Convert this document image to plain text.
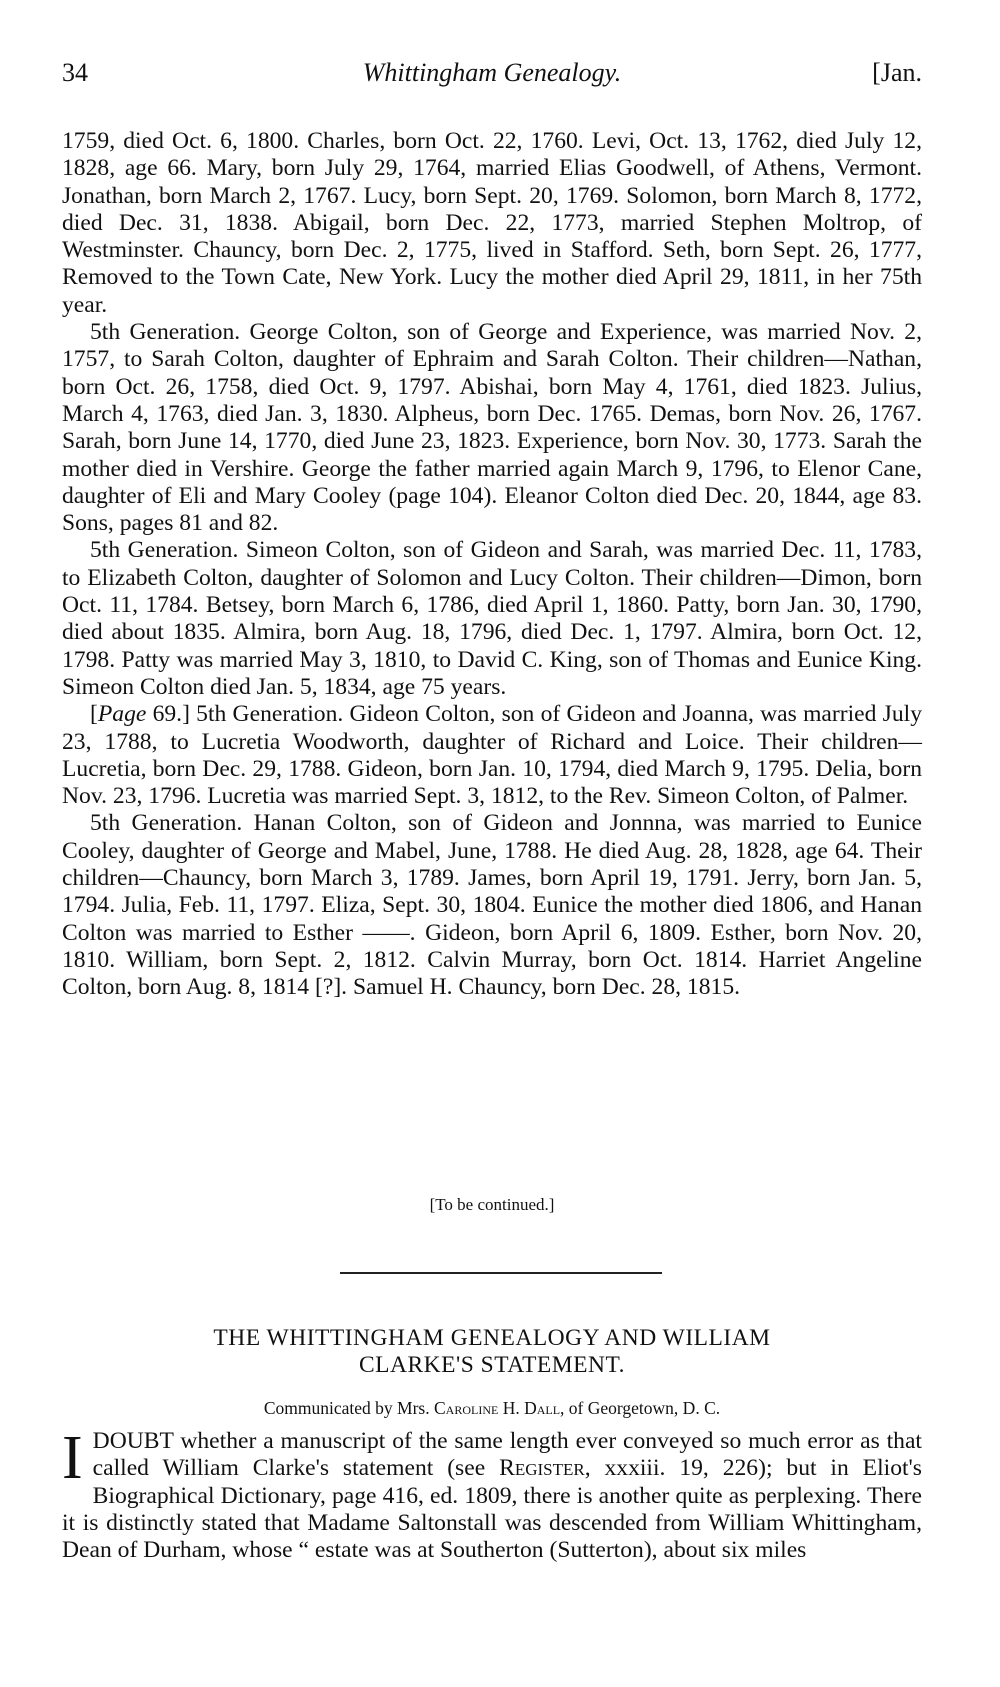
34	Whittingham Genealogy.	[Jan.

1759, died Oct. 6, 1800. Charles, born Oct. 22, 1760. Levi, Oct. 13, 1762, died July 12, 1828, age 66. Mary, born July 29, 1764, married Elias Goodwell, of Athens, Vermont. Jonathan, born March 2, 1767. Lucy, born Sept. 20, 1769. Solomon, born March 8, 1772, died Dec. 31, 1838. Abigail, born Dec. 22, 1773, married Stephen Moltrop, of Westminster. Chauncy, born Dec. 2, 1775, lived in Stafford. Seth, born Sept. 26, 1777, Removed to the Town Cate, New York. Lucy the mother died April 29, 1811, in her 75th year.

5th Generation. George Colton, son of George and Experience, was married Nov. 2, 1757, to Sarah Colton, daughter of Ephraim and Sarah Colton. Their children—Nathan, born Oct. 26, 1758, died Oct. 9, 1797. Abishai, born May 4, 1761, died 1823. Julius, March 4, 1763, died Jan. 3, 1830. Alpheus, born Dec. 1765. Demas, born Nov. 26, 1767. Sarah, born June 14, 1770, died June 23, 1823. Experience, born Nov. 30, 1773. Sarah the mother died in Vershire. George the father married again March 9, 1796, to Elenor Cane, daughter of Eli and Mary Cooley (page 104). Eleanor Colton died Dec. 20, 1844, age 83. Sons, pages 81 and 82.

5th Generation. Simeon Colton, son of Gideon and Sarah, was married Dec. 11, 1783, to Elizabeth Colton, daughter of Solomon and Lucy Colton. Their children—Dimon, born Oct. 11, 1784. Betsey, born March 6, 1786, died April 1, 1860. Patty, born Jan. 30, 1790, died about 1835. Almira, born Aug. 18, 1796, died Dec. 1, 1797. Almira, born Oct. 12, 1798. Patty was married May 3, 1810, to David C. King, son of Thomas and Eunice King. Simeon Colton died Jan. 5, 1834, age 75 years.

[Page 69.] 5th Generation. Gideon Colton, son of Gideon and Joanna, was married July 23, 1788, to Lucretia Woodworth, daughter of Richard and Loice. Their children—Lucretia, born Dec. 29, 1788. Gideon, born Jan. 10, 1794, died March 9, 1795. Delia, born Nov. 23, 1796. Lucretia was married Sept. 3, 1812, to the Rev. Simeon Colton, of Palmer.

5th Generation. Hanan Colton, son of Gideon and Jonnna, was married to Eunice Cooley, daughter of George and Mabel, June, 1788. He died Aug. 28, 1828, age 64. Their children—Chauncy, born March 3, 1789. James, born April 19, 1791. Jerry, born Jan. 5, 1794. Julia, Feb. 11, 1797. Eliza, Sept. 30, 1804. Eunice the mother died 1806, and Hanan Colton was married to Esther ——. Gideon, born April 6, 1809. Esther, born Nov. 20, 1810. William, born Sept. 2, 1812. Calvin Murray, born Oct. 1814. Harriet Angeline Colton, born Aug. 8, 1814 [?]. Samuel H. Chauncy, born Dec. 28, 1815.

[To be continued.]
THE WHITTINGHAM GENEALOGY AND WILLIAM
CLARKE'S STATEMENT.
Communicated by Mrs. Caroline H. Dall, of Georgetown, D. C.
IDOUBT whether a manuscript of the same length ever conveyed so much error as that called William Clarke's statement (see Register, xxxiii. 19, 226); but in Eliot's Biographical Dictionary, page 416, ed. 1809, there is another quite as perplexing. There it is distinctly stated that Madame Saltonstall was descended from William Whittingham, Dean of Durham, whose “ estate was at Southerton (Sutterton), about six miles
